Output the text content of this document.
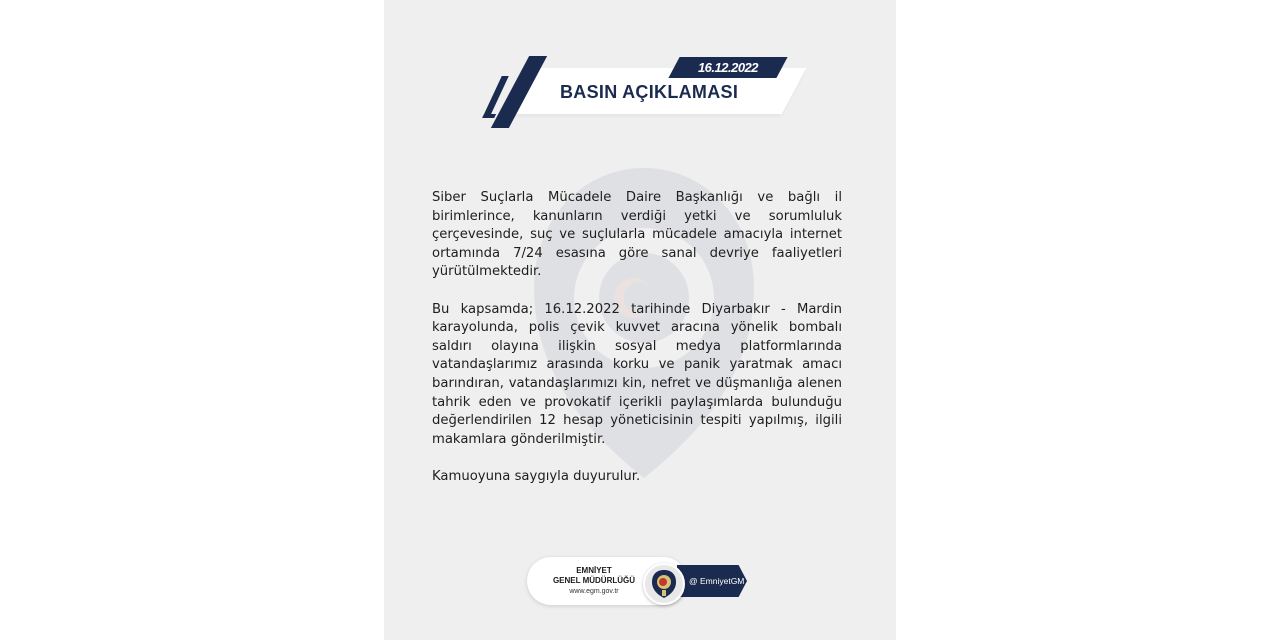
16.12.2022
BASIN AÇIKLAMASI

Siber Suçlarla Mücadele Daire Başkanlığı ve bağlı il birimlerince, kanunların verdiği yetki ve sorumluluk çerçevesinde, suç ve suçlularla mücadele amacıyla internet ortamında 7/24 esasına göre sanal devriye faaliyetleri yürütülmektedir.

Bu kapsamda; 16.12.2022 tarihinde Diyarbakır - Mardin karayolunda, polis çevik kuvvet aracına yönelik bombalı saldırı olayına ilişkin sosyal medya platformlarında vatandaşlarımız arasında korku ve panik yaratmak amacı barındıran, vatandaşlarımızı kin, nefret ve düşmanlığa alenen tahrik eden ve provokatif içerikli paylaşımlarda bulunduğu değerlendirilen 12 hesap yöneticisinin tespiti yapılmış, ilgili makamlara gönderilmiştir.

Kamuoyuna saygıyla duyurulur.

EMNİYET
GENEL MÜDÜRLÜĞÜ
www.egm.gov.tr
@ EmniyetGM
